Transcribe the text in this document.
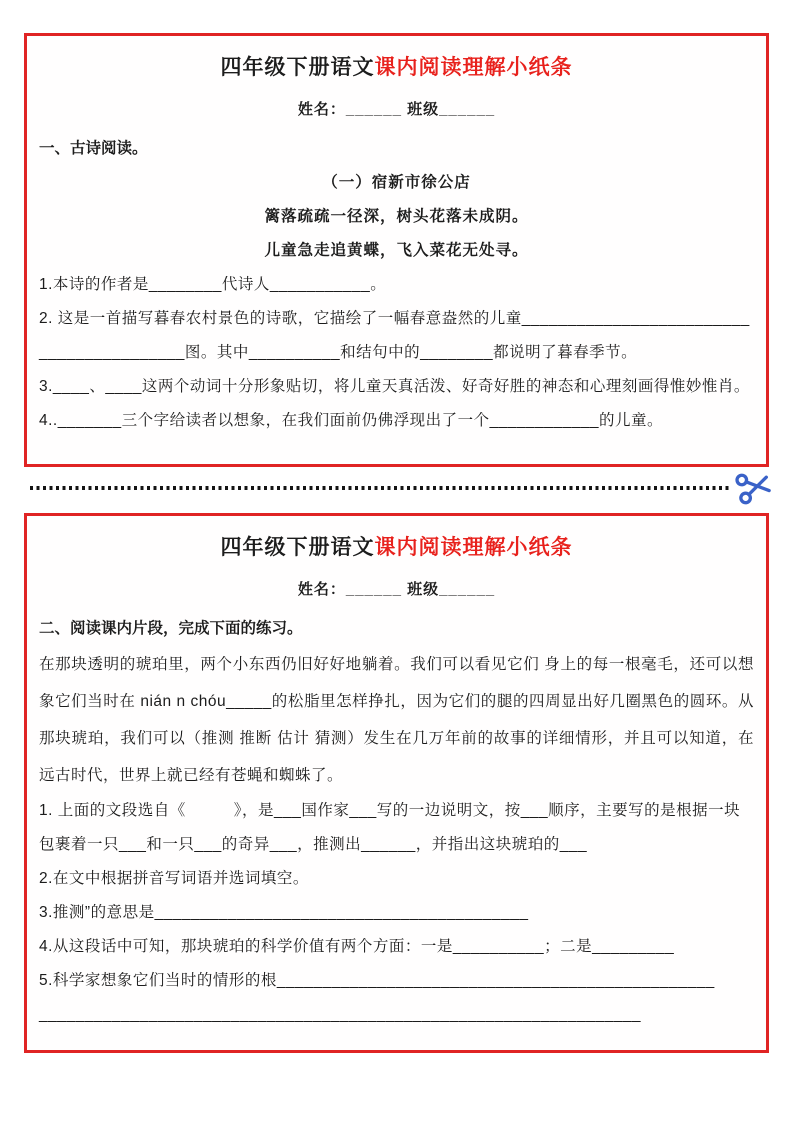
四年级下册语文课内阅读理解小纸条

姓名：______ 班级______

一、古诗阅读。

（一）宿新市徐公店

篱落疏疏一径深，树头花落未成阴。

儿童急走追黄蝶，飞入菜花无处寻。

1.本诗的作者是________代诗人___________。

2. 这是一首描写暮春农村景色的诗歌，它描绘了一幅春意盎然的儿童_________________________________________图。其中__________和结句中的________都说明了暮春季节。

3.____、____这两个动词十分形象贴切，将儿童天真活泼、好奇好胜的神态和心理刻画得惟妙惟肖。

4.._______三个字给读者以想象，在我们面前仍佛浮现出了一个____________的儿童。

四年级下册语文课内阅读理解小纸条

姓名：______ 班级______

二、阅读课内片段，完成下面的练习。

在那块透明的琥珀里，两个小东西仍旧好好地躺着。我们可以看见它们 身上的每一根毫毛，还可以想象它们当时在 nián n chóu_____的松脂里怎样挣扎，因为它们的腿的四周显出好几圈黑色的圆环。从那块琥珀，我们可以（推测 推断 估计 猜测）发生在几万年前的故事的详细情形，并且可以知道，在远古时代，世界上就已经有苍蝇和蜘蛛了。

1. 上面的文段选自《　　　》，是___国作家___写的一边说明文，按___顺序，主要写的是根据一块包裹着一只___和一只___的奇异___，推测出______，并指出这块琥珀的___

2.在文中根据拼音写词语并选词填空。

3.推测”的意思是_________________________________________

4.从这段话中可知，那块琥珀的科学价值有两个方面：一是__________；二是_________

5.科学家想象它们当时的情形的根________________________________________________

__________________________________________________________________
